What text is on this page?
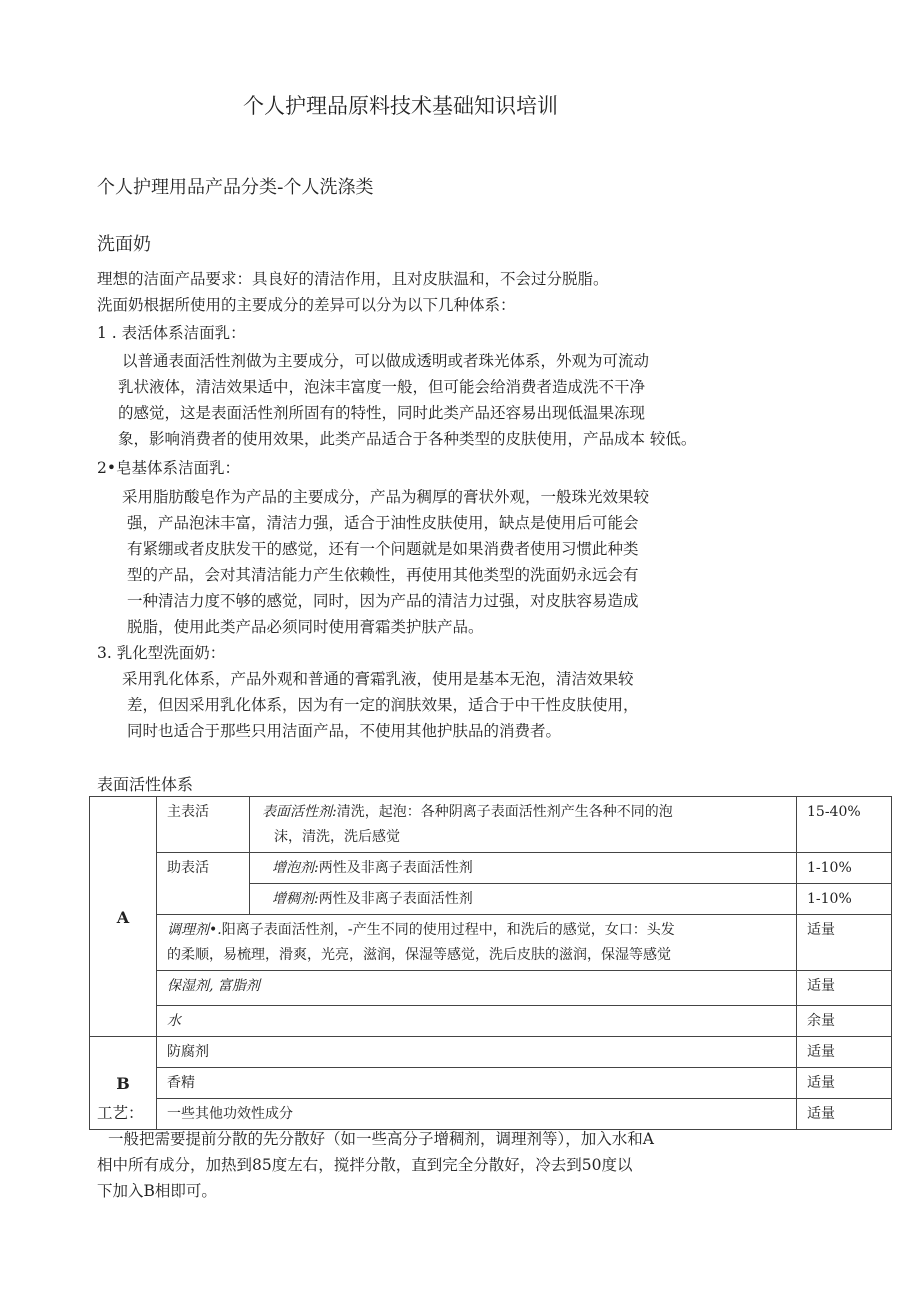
个人护理品原料技术基础知识培训
个人护理用品产品分类-个人洗涤类
洗面奶
理想的洁面产品要求：具良好的清洁作用，且对皮肤温和，不会过分脱脂。
洗面奶根据所使用的主要成分的差异可以分为以下几种体系：
1 . 表活体系洁面乳：
以普通表面活性剂做为主要成分，可以做成透明或者珠光体系，外观为可流动
乳状液体，清洁效果适中，泡沫丰富度一般，但可能会给消费者造成洗不干净
的感觉，这是表面活性剂所固有的特性，同时此类产品还容易出现低温果冻现
象，影响消费者的使用效果，此类产品适合于各种类型的皮肤使用，产品成本 较低。
2•皂基体系洁面乳：
采用脂肪酸皂作为产品的主要成分，产品为稠厚的膏状外观，一般珠光效果较
强，产品泡沫丰富，清洁力强，适合于油性皮肤使用，缺点是使用后可能会
有紧绷或者皮肤发干的感觉，还有一个问题就是如果消费者使用习惯此种类
型的产品，会对其清洁能力产生依赖性，再使用其他类型的洗面奶永远会有
一种清洁力度不够的感觉，同时，因为产品的清洁力过强，对皮肤容易造成
脱脂，使用此类产品必须同时使用膏霜类护肤产品。
3. 乳化型洗面奶：
采用乳化体系，产品外观和普通的膏霜乳液，使用是基本无泡，清洁效果较
差，但因采用乳化体系，因为有一定的润肤效果，适合于中干性皮肤使用，
同时也适合于那些只用洁面产品，不使用其他护肤品的消费者。
表面活性体系
A	主表活	表面活性剂:清洗，起泡：各种阴离子表面活性剂产生各种不同的泡
沫，清洗，洗后感觉	15-40%
	助表活	增泡剂:两性及非离子表面活性剂	1-10%
		增稠剂:两性及非离子表面活性剂	1-10%
	调理剂•.阳离子表面活性剂，-产生不同的使用过程中，和洗后的感觉，女口：头发
的柔顺，易梳理，滑爽，光亮，滋润，保湿等感觉，洗后皮肤的滋润，保湿等感觉		适量
	保湿剂, 富脂剂		适量
	水		余量
B	防腐剂		适量
	香精		适量
	一些其他功效性成分		适量
工艺：
一般把需要提前分散的先分散好（如一些高分子增稠剂，调理剂等），加入水和A
相中所有成分，加热到85度左右，搅拌分散，直到完全分散好，冷去到50度以
下加入B相即可。
